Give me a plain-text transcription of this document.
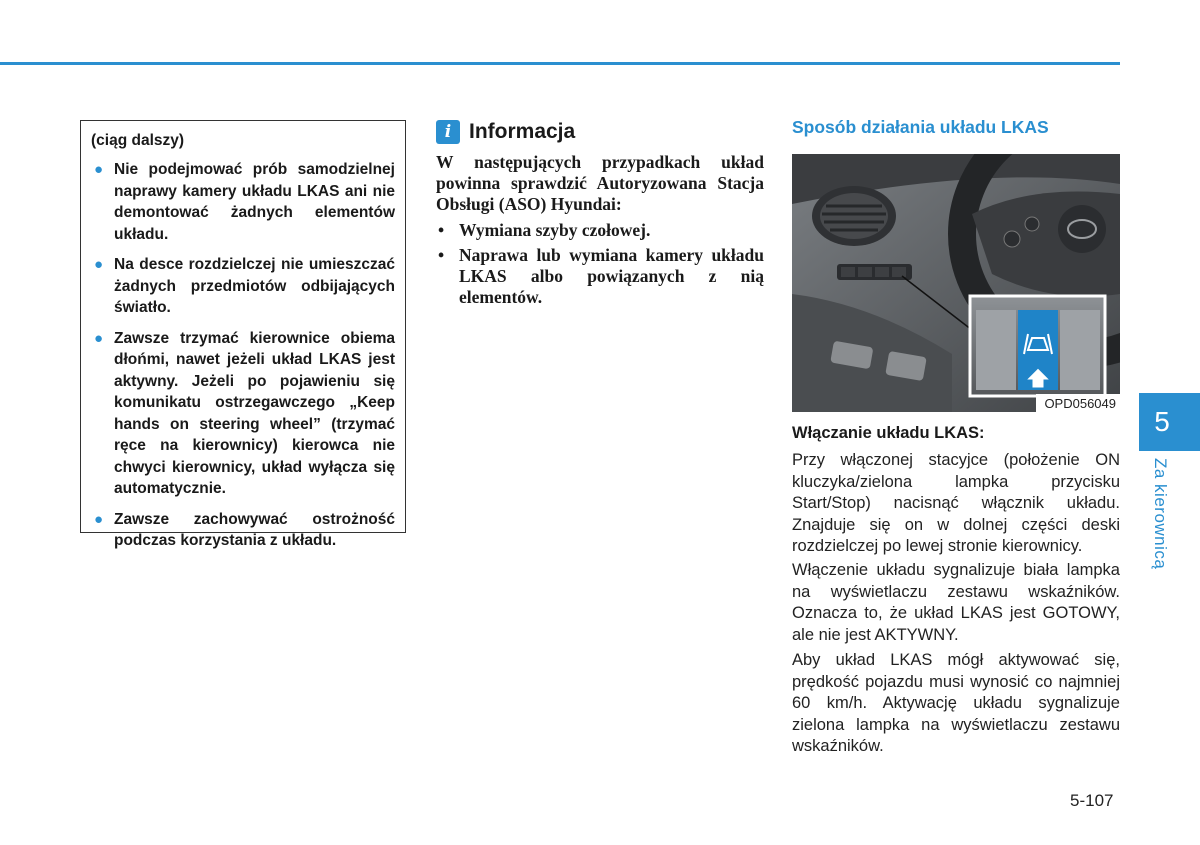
(ciąg dalszy)
● Nie podejmować prób samodzielnej naprawy kamery układu LKAS ani nie demontować żadnych elementów układu.
● Na desce rozdzielczej nie umieszczać żadnych przedmiotów odbijających światło.
● Zawsze trzymać kierownice obiema dłońmi, nawet jeżeli układ LKAS jest aktywny. Jeżeli po pojawieniu się komunikatu ostrzegawczego „Keep hands on steering wheel” (trzymać ręce na kierownicy) kierowca nie chwyci kierownicy, układ wyłącza się automatycznie.
● Zawsze zachowywać ostrożność podczas korzystania z układu.
i Informacja

W następujących przypadkach układ powinna sprawdzić Autoryzowana Stacja Obsługi (ASO) Hyundai:

• Wymiana szyby czołowej.
• Naprawa lub wymiana kamery układu LKAS albo powiązanych z nią elementów.
Sposób działania układu LKAS
OPD056049
Włączanie układu LKAS:

Przy włączonej stacyjce (położenie ON kluczyka/zielona lampka przycisku Start/Stop) nacisnąć włącznik układu. Znajduje się on w dolnej części deski rozdzielczej po lewej stronie kierownicy.

Włączenie układu sygnalizuje biała lampka na wyświetlaczu zestawu wskaźników. Oznacza to, że układ LKAS jest GOTOWY, ale nie jest AKTYWNY.

Aby układ LKAS mógł aktywować się, prędkość pojazdu musi wynosić co najmniej 60 km/h. Aktywację układu sygnalizuje zielona lampka na wyświetlaczu zestawu wskaźników.

5
Za kierownicą
5-107
